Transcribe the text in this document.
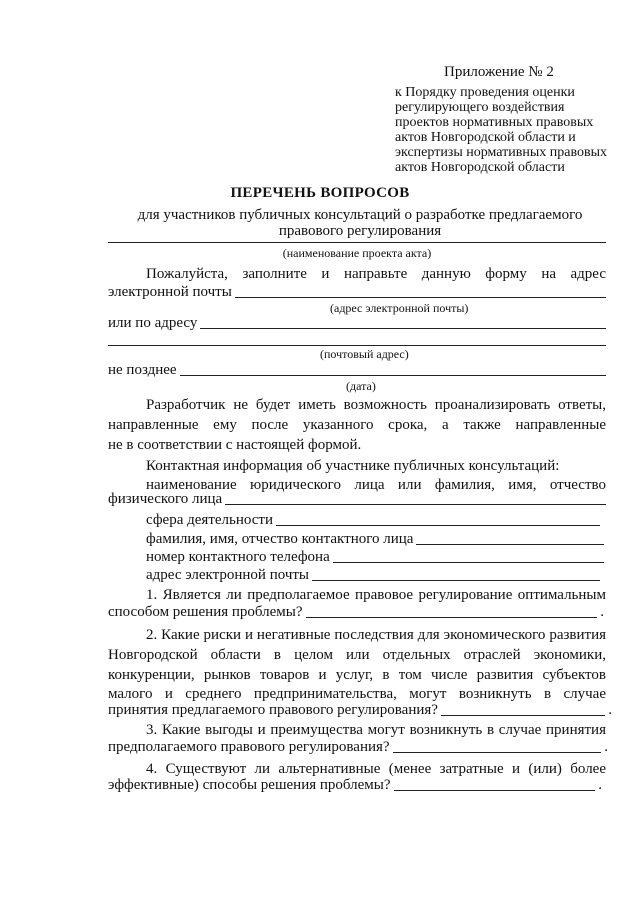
Приложение № 2
к Порядку проведения оценки
регулирующего воздействия
проектов нормативных правовых
актов Новгородской области и
экспертизы нормативных правовых
актов Новгородской области
ПЕРЕЧЕНЬ ВОПРОСОВ
для участников публичных консультаций о разработке предлагаемого
правового регулирования
(наименование проекта акта)
Пожалуйста, заполните и направьте данную форму на адрес
электронной почты
(адрес электронной почты)
или по адресу
(почтовый адрес)
не позднее
(дата)
Разработчик не будет иметь возможность проанализировать ответы,
направленные ему после указанного срока, а также направленные
не в соответствии с настоящей формой.
Контактная информация об участнике публичных консультаций:
наименование юридического лица или фамилия, имя, отчество
физического лица
сфера деятельности
фамилия, имя, отчество контактного лица
номер контактного телефона
адрес электронной почты
1. Является ли предполагаемое правовое регулирование оптимальным
способом решения проблемы?	.
2. Какие риски и негативные последствия для экономического развития
Новгородской области в целом или отдельных отраслей экономики,
конкуренции, рынков товаров и услуг, в том числе развития субъектов
малого и среднего предпринимательства, могут возникнуть в случае
принятия предлагаемого правового регулирования?	.
3. Какие выгоды и преимущества могут возникнуть в случае принятия
предполагаемого правового регулирования?	.
4. Существуют ли альтернативные (менее затратные и (или) более
эффективные) способы решения проблемы?	.
